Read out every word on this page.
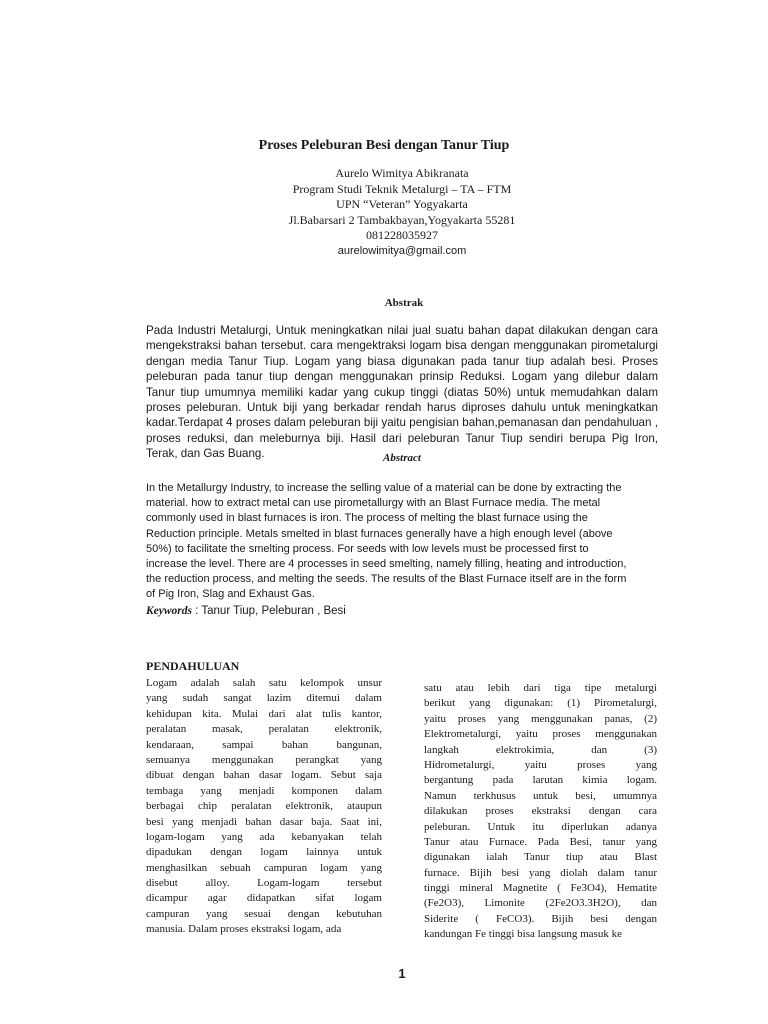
Proses Peleburan Besi dengan Tanur Tiup
Aurelo Wimitya Abikranata
Program Studi Teknik Metalurgi – TA – FTM
UPN “Veteran” Yogyakarta
Jl.Babarsari 2 Tambakbayan,Yogyakarta 55281
081228035927
aurelowimitya@gmail.com
Abstrak
Pada Industri Metalurgi, Untuk meningkatkan nilai jual suatu bahan dapat dilakukan dengan cara
mengekstraksi bahan tersebut. cara mengektraksi logam bisa dengan menggunakan pirometalurgi
dengan media Tanur Tiup. Logam yang biasa digunakan pada tanur tiup adalah besi. Proses
peleburan pada tanur tiup dengan menggunakan prinsip Reduksi. Logam yang dilebur dalam
Tanur tiup umumnya memiliki kadar yang cukup tinggi (diatas 50%) untuk memudahkan dalam
proses peleburan. Untuk biji yang berkadar rendah harus diproses dahulu untuk meningkatkan
kadar.Terdapat 4 proses dalam peleburan biji yaitu pengisian bahan,pemanasan dan pendahuluan ,
proses reduksi, dan meleburnya biji. Hasil dari peleburan Tanur Tiup sendiri berupa Pig Iron,
Terak, dan Gas Buang.	Abstract
In the Metallurgy Industry, to increase the selling value of a material can be done by extracting the
material. how to extract metal can use pirometallurgy with an Blast Furnace media. The metal
commonly used in blast furnaces is iron. The process of melting the blast furnace using the
Reduction principle. Metals smelted in blast furnaces generally have a high enough level (above
50%) to facilitate the smelting process. For seeds with low levels must be processed first to
increase the level. There are 4 processes in seed smelting, namely filling, heating and introduction,
the reduction process, and melting the seeds. The results of the Blast Furnace itself are in the form
of Pig Iron, Slag and Exhaust Gas.
Keywords : Tanur Tiup, Peleburan , Besi
PENDAHULUAN
Logam adalah salah satu kelompok unsur
yang sudah sangat lazim ditemui dalam
kehidupan kita. Mulai dari alat tulis kantor,
peralatan masak, peralatan elektronik,
kendaraan, sampai bahan bangunan,
semuanya menggunakan perangkat yang
dibuat dengan bahan dasar logam. Sebut saja
tembaga yang menjadi komponen dalam
berbagai chip peralatan elektronik, ataupun
besi yang menjadi bahan dasar baja. Saat ini,
logam-logam yang ada kebanyakan telah
dipadukan dengan logam lainnya untuk
menghasilkan sebuah campuran logam yang
disebut alloy. Logam-logam tersebut
dicampur agar didapatkan sifat logam
campuran yang sesuai dengan kebutuhan
manusia. Dalam proses ekstraksi logam, ada
satu atau lebih dari tiga tipe metalurgi
berikut yang digunakan: (1) Pirometalurgi,
yaitu proses yang menggunakan panas, (2)
Elektrometalurgi, yaitu proses menggunakan
langkah elektrokimia, dan (3)
Hidrometalurgi, yaitu proses yang
bergantung pada larutan kimia logam.
Namun terkhusus untuk besi, umumnya
dilakukan proses ekstraksi dengan cara
peleburan. Untuk itu diperlukan adanya
Tanur atau Furnace. Pada Besi, tanur yang
digunakan ialah Tanur tiup atau Blast
furnace. Bijih besi yang diolah dalam tanur
tinggi mineral Magnetite ( Fe3O4), Hematite
(Fe2O3), Limonite (2Fe2O3.3H2O), dan
Siderite ( FeCO3). Bijih besi dengan
kandungan Fe tinggi bisa langsung masuk ke
1
